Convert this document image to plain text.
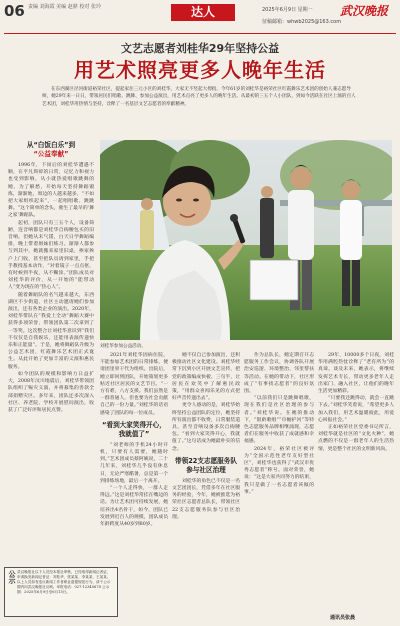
06 责编 刘海霞 美编 赵鼎 校对 张玲	达人	2025年6月9日 星期一 武汉晚报
征稿邮箱：whwb2025@163.com
文艺志愿者刘桂华29年坚持公益
用艺术照亮更多人晚年生活
在东西湖区径河街道裕荣社区，提起家住三元小区的刘桂华，大家无不竖起大拇指。今年61岁的刘桂华是裕荣社区红霞舞乐艺术团的创始人兼志愿导师，她29年来一日日，带领居民们唱歌、跳舞、参加公益演出，用艺术点亮了更多人的晚年生活。从最初的三五个人小团队，到如今活跃在社区上演的百人艺术团，刘桂华用热情与坚持，诠释了一名基层文艺志愿者的奉献精神。
从“白饭白乐”到
“公益奉献”

1996年，下岗后的刘桂华遭遇不顺，在平凡琐碎的日常，记忆力和视力也受到影响，从小就热爱唱歌跳舞的她，为了解愁，开始每天坚持舞蹈锻炼，渐渐地，周边的人越来越多，“不如把大家组织起来”，一起唱唱歌、跳跳舞。“这个简单的念头，催生了最早的‘舞之家’舞蹈队。

起初，团队只有三五个人，设备简陋，连音响都是刘桂华自掏腰包买的旧音响。但她从未气馁，白天日学舞蹈编排，晚上带着姐妹们练习。渐渐人都参与到其中，她就搬来家里旧桌，挨家挨户上门收，甚至把队员请到家里，手把手教授基本动作，“对着镜子一点点抠，有时候到半夜，从不糊涂。”团队成员对刘桂华的评价，从一开始的“能带动人”变为现在的“热心人”。

随着舞蹈队的名气越来越大，东西湖区不少街道、社区主动邀请她们参加演出，还有各类企业的演出。2020年，刘桂华带队在“我爱上全动”舞蹈大赛中获得多项荣誉，带领团队第二次拿到了一等奖。这次整合让刘桂华意识到“我们不仅仅是自我娱乐，还能用表演传递快乐和正能量”。于是，她将舞蹈队升级为公益艺术团，红霞舞乐艺术团正式诞生。从此开始了更加丰富的义演和惠民服务。

如今团队的规模和影响力日益扩大，2008年汶川地震后，刘桂华带领团队组织了赈灾义演，并将募集的善款全部捐赠灾区。多年来，团队还多次深入社区、养老院、学校开展慰问演出，收获了广泛好评和居民点赞。

公示 武汉晚报社以下人员经本报社审核，已经取得新闻记者证，申请换发新闻记者证：刘桂华、张某某、李某某、王某某。以上人员如有违反新闻工作者职业道德规范行为，请于公示期内向武汉晚报社反映。举报电话：027-12345678 公示期：2025年6月9日至6月15日。
刘桂华参加公益活动。

2021年刘桂华因病住院，不能参加艺术团的日常排练，便请团里骨干代为组织。出院后，她立即回到团队，开始策划更多贴近社区居民的文艺节目。“一方有难，八方支援。我们虽然是一群普通人，但也要为社会贡献自己的一份力量。”刘桂华的话语感染了团队的每一位成员。

“看到大家笑得开心，我就值了”

“刘老师的手机24小时开机，只要有人需要，她随时到。”艺术团成员蔡阿姨说，二十几年来，刘桂华几乎没有休息日，无论严寒酷暑，总是第一个到排练场地，最后一个离开。

“一个人走得快，一群人走得远。”这是刘桂华常挂在嘴边的话。为让艺术团可持续发展，她培养出4名骨干，如今，团队已发展到近百人的规模，团队成员年龄跨度从40岁到80岁。

她不仅自己参加演出，还积极推动社区文化建设。刘桂华经常下沉到小区开展文艺宣传，把党的政策编成快板、三句半，让居民在欢笑中了解惠民政策，“用群众喜闻乐见的方式把好声音传递出去”。

更令人感动的是，刘桂华始终坚持公益团队的定位，她坚持所有演出都不收费，日常服装道具，甚至音响设备多次自掏腰包。“看到大家笑得开心，我就值了。”这句话成为她最朴实的信念。

带领22支志愿服务队参与社区治理

刘桂华的角色已不仅是一名文艺团团长，凭借多年在社区服务的经验，今年，她被推选为裕荣社区志愿者总队长，带领社区22支志愿服务队参与社区治理。

作为总队长，她定期召开志愿服务工作会议，协调各队开展治安巡逻、环境整治、邻里帮扶等活动。在她的带动下，社区形成了“有事找志愿者”的良好氛围。

“以前我们只是跳舞唱歌，现在我们是社区治理的参与者。”刘桂华说。在她的推动下，“银龄歌唱”“巾帼护河”等特色志愿服务品牌相继涌现，志愿者们在服务中收获了成就感和幸福感。

2024年，裕荣社区被评为“全国示范性老年友好型社区”，刘桂华也获得了“武汉市优秀志愿者”称号。面对荣誉，她说：“这是大家共同努力的结果，我只是做了一名志愿者该做的事。”

29年，10000多个日夜，刘桂华用满腔热忱诠释了“老有所为”的真谛。谈及未来，她表示，将继续发挥艺术专长，带动更多老年人走出家门、融入社区，让他们的晚年生活更加精彩。

“只要我还跳得动，就会一直跳下去。”刘桂华笑着说，“希望更多人加入我们，用艺术温暖彼此，用爱心回报社会。”

正如裕荣社区党委书记所言，刘桂华就是社区的“文化火种”，她点燃的不仅是一群老年人的生活热情，更是整个社区的文明新风尚。

通讯员张晨
